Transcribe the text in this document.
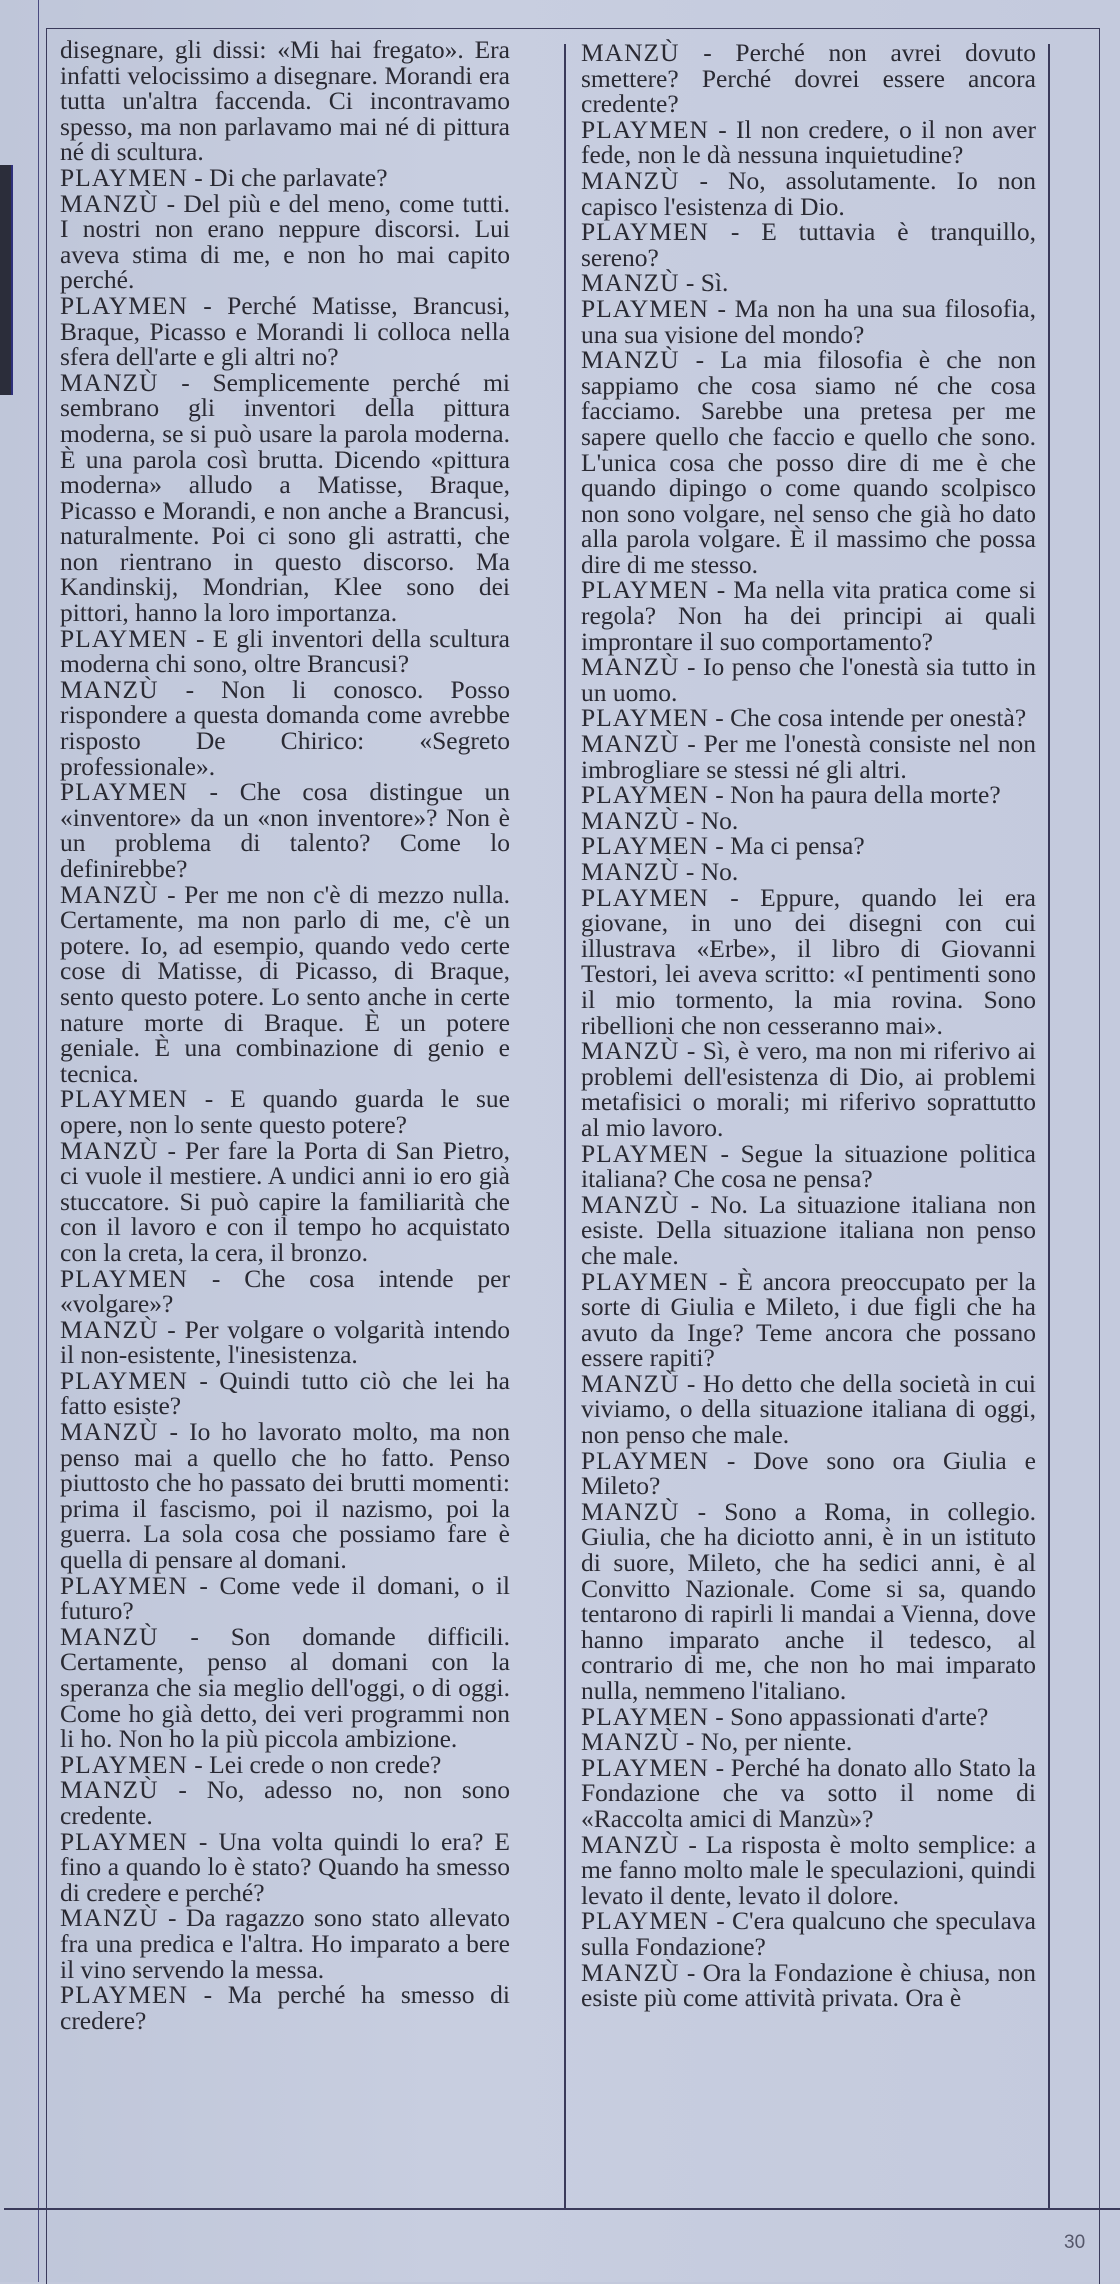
disegnare, gli dissi: «Mi hai fregato». Era infatti velocissimo a disegnare. Morandi era tutta un'altra faccenda. Ci incontravamo spesso, ma non parlavamo mai né di pittura né di scultura.

PLAYMEN - Di che parlavate?

MANZÙ - Del più e del meno, come tutti. I nostri non erano neppure discorsi. Lui aveva stima di me, e non ho mai capito perché.

PLAYMEN - Perché Matisse, Brancusi, Braque, Picasso e Morandi li colloca nella sfera dell'arte e gli altri no?

MANZÙ - Semplicemente perché mi sembrano gli inventori della pittura moderna, se si può usare la parola moderna. È una parola così brutta. Dicendo «pittura moderna» alludo a Matisse, Braque, Picasso e Morandi, e non anche a Brancusi, naturalmente. Poi ci sono gli astratti, che non rientrano in questo discorso. Ma Kandinskij, Mondrian, Klee sono dei pittori, hanno la loro importanza.

PLAYMEN - E gli inventori della scultura moderna chi sono, oltre Brancusi?

MANZÙ - Non li conosco. Posso rispondere a questa domanda come avrebbe risposto De Chirico: «Segreto professionale».

PLAYMEN - Che cosa distingue un «inventore» da un «non inventore»? Non è un problema di talento? Come lo definirebbe?

MANZÙ - Per me non c'è di mezzo nulla. Certamente, ma non parlo di me, c'è un potere. Io, ad esempio, quando vedo certe cose di Matisse, di Picasso, di Braque, sento questo potere. Lo sento anche in certe nature morte di Braque. È un potere geniale. È una combinazione di genio e tecnica.

PLAYMEN - E quando guarda le sue opere, non lo sente questo potere?

MANZÙ - Per fare la Porta di San Pietro, ci vuole il mestiere. A undici anni io ero già stuccatore. Si può capire la familiarità che con il lavoro e con il tempo ho acquistato con la creta, la cera, il bronzo.

PLAYMEN - Che cosa intende per «volgare»?

MANZÙ - Per volgare o volgarità intendo il non-esistente, l'inesistenza.

PLAYMEN - Quindi tutto ciò che lei ha fatto esiste?

MANZÙ - Io ho lavorato molto, ma non penso mai a quello che ho fatto. Penso piuttosto che ho passato dei brutti momenti: prima il fascismo, poi il nazismo, poi la guerra. La sola cosa che possiamo fare è quella di pensare al domani.

PLAYMEN - Come vede il domani, o il futuro?

MANZÙ - Son domande difficili. Certamente, penso al domani con la speranza che sia meglio dell'oggi, o di oggi. Come ho già detto, dei veri programmi non li ho. Non ho la più piccola ambizione.

PLAYMEN - Lei crede o non crede?

MANZÙ - No, adesso no, non sono credente.

PLAYMEN - Una volta quindi lo era? E fino a quando lo è stato? Quando ha smesso di credere e perché?

MANZÙ - Da ragazzo sono stato allevato fra una predica e l'altra. Ho imparato a bere il vino servendo la messa.

PLAYMEN - Ma perché ha smesso di credere?

MANZÙ - Perché non avrei dovuto smettere? Perché dovrei essere ancora credente?

PLAYMEN - Il non credere, o il non aver fede, non le dà nessuna inquietudine?

MANZÙ - No, assolutamente. Io non capisco l'esistenza di Dio.

PLAYMEN - E tuttavia è tranquillo, sereno?

MANZÙ - Sì.

PLAYMEN - Ma non ha una sua filosofia, una sua visione del mondo?

MANZÙ - La mia filosofia è che non sappiamo che cosa siamo né che cosa facciamo. Sarebbe una pretesa per me sapere quello che faccio e quello che sono. L'unica cosa che posso dire di me è che quando dipingo o come quando scolpisco non sono volgare, nel senso che già ho dato alla parola volgare. È il massimo che possa dire di me stesso.

PLAYMEN - Ma nella vita pratica come si regola? Non ha dei principi ai quali improntare il suo comportamento?

MANZÙ - Io penso che l'onestà sia tutto in un uomo.

PLAYMEN - Che cosa intende per onestà?

MANZÙ - Per me l'onestà consiste nel non imbrogliare se stessi né gli altri.

PLAYMEN - Non ha paura della morte?

MANZÙ - No.

PLAYMEN - Ma ci pensa?

MANZÙ - No.

PLAYMEN - Eppure, quando lei era giovane, in uno dei disegni con cui illustrava «Erbe», il libro di Giovanni Testori, lei aveva scritto: «I pentimenti sono il mio tormento, la mia rovina. Sono ribellioni che non cesseranno mai».

MANZÙ - Sì, è vero, ma non mi riferivo ai problemi dell'esistenza di Dio, ai problemi metafisici o morali; mi riferivo soprattutto al mio lavoro.

PLAYMEN - Segue la situazione politica italiana? Che cosa ne pensa?

MANZÙ - No. La situazione italiana non esiste. Della situazione italiana non penso che male.

PLAYMEN - È ancora preoccupato per la sorte di Giulia e Mileto, i due figli che ha avuto da Inge? Teme ancora che possano essere rapiti?

MANZÙ - Ho detto che della società in cui viviamo, o della situazione italiana di oggi, non penso che male.

PLAYMEN - Dove sono ora Giulia e Mileto?

MANZÙ - Sono a Roma, in collegio. Giulia, che ha diciotto anni, è in un istituto di suore, Mileto, che ha sedici anni, è al Convitto Nazionale. Come si sa, quando tentarono di rapirli li mandai a Vienna, dove hanno imparato anche il tedesco, al contrario di me, che non ho mai imparato nulla, nemmeno l'italiano.

PLAYMEN - Sono appassionati d'arte?

MANZÙ - No, per niente.

PLAYMEN - Perché ha donato allo Stato la Fondazione che va sotto il nome di «Raccolta amici di Manzù»?

MANZÙ - La risposta è molto semplice: a me fanno molto male le speculazioni, quindi levato il dente, levato il dolore.

PLAYMEN - C'era qualcuno che speculava sulla Fondazione?

MANZÙ - Ora la Fondazione è chiusa, non esiste più come attività privata. Ora è

30
